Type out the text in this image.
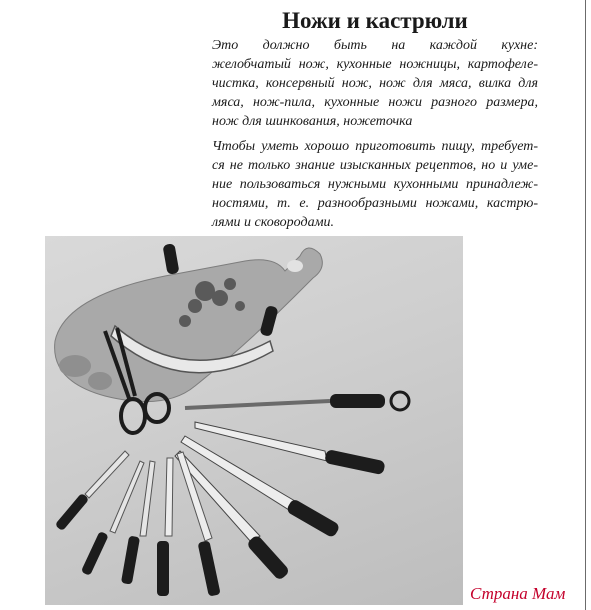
Ножи и кастрюли
Это должно быть на каждой кухне:
желобчатый нож, кухонные ножницы, картофеле-
чистка, консервный нож, нож для мяса, вилка для
мяса, нож-пила, кухонные ножи разного размера,
нож для шинкования, ножеточка
Чтобы уметь хорошо приготовить пищу, требует-
ся не только знание изысканных рецептов, но и уме-
ние пользоваться нужными кухонными принадлеж-
ностями, т. е. разнообразными ножами, кастрю-
лями и сковородами.
Страна Мам
